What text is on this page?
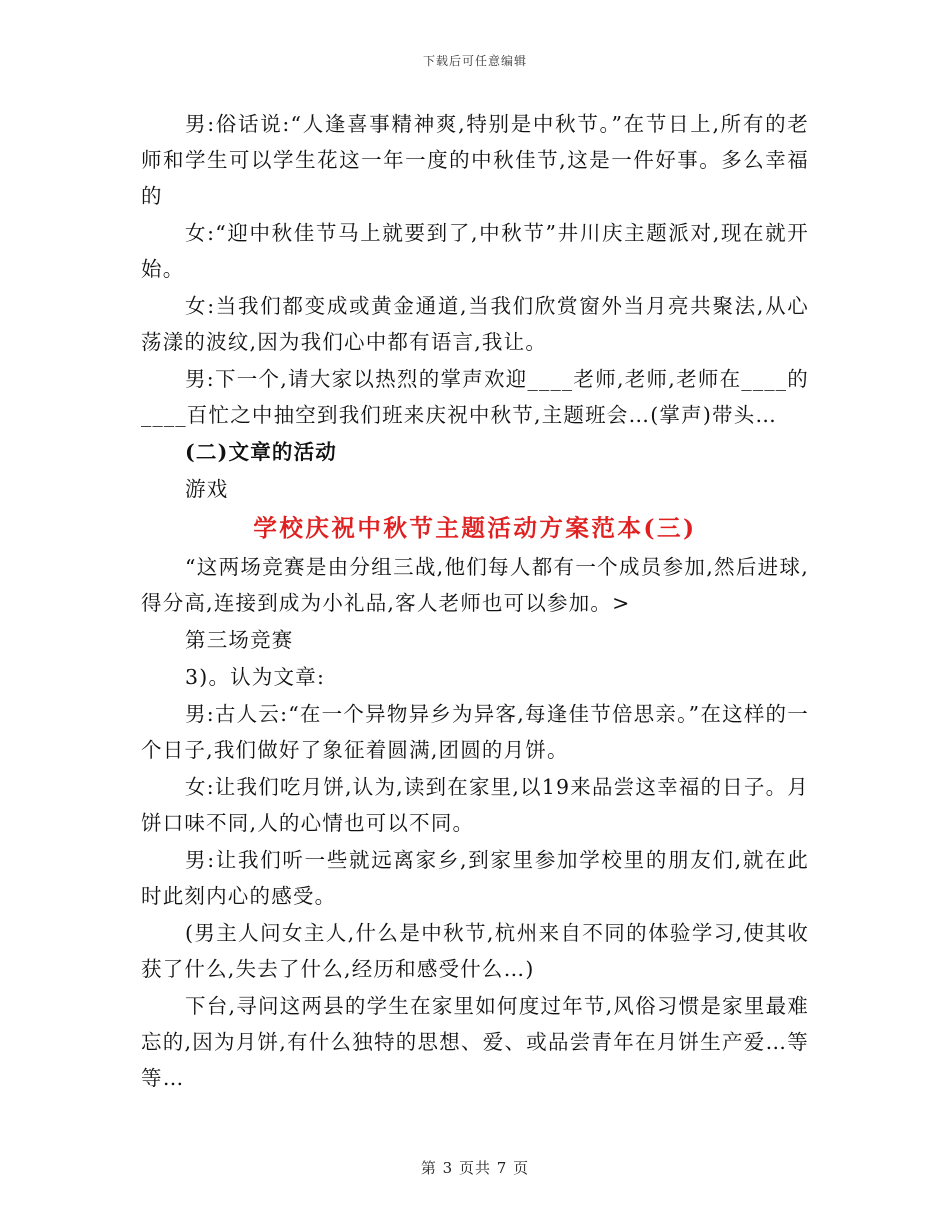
下载后可任意编辑

男:俗话说:“人逢喜事精神爽,特别是中秋节。”在节日上,所有的老师和学生可以学生花这一年一度的中秋佳节,这是一件好事。多么幸福的

女:“迎中秋佳节马上就要到了,中秋节”井川庆主题派对,现在就开始。

女:当我们都变成或黄金通道,当我们欣赏窗外当月亮共聚法,从心荡漾的波纹,因为我们心中都有语言,我让。

男:下一个,请大家以热烈的掌声欢迎____老师,老师,老师在____的____百忙之中抽空到我们班来庆祝中秋节,主题班会…(掌声)带头…

(二)文章的活动

游戏

学校庆祝中秋节主题活动方案范本(三)

“这两场竞赛是由分组三战,他们每人都有一个成员参加,然后进球,得分高,连接到成为小礼品,客人老师也可以参加。>

第三场竞赛

3)。认为文章:

男:古人云:“在一个异物异乡为异客,每逢佳节倍思亲。”在这样的一个日子,我们做好了象征着圆满,团圆的月饼。

女:让我们吃月饼,认为,读到在家里,以19来品尝这幸福的日子。月饼口味不同,人的心情也可以不同。

男:让我们听一些就远离家乡,到家里参加学校里的朋友们,就在此时此刻内心的感受。

(男主人问女主人,什么是中秋节,杭州来自不同的体验学习,使其收获了什么,失去了什么,经历和感受什么…)

下台,寻问这两县的学生在家里如何度过年节,风俗习惯是家里最难忘的,因为月饼,有什么独特的思想、爱、或品尝青年在月饼生产爱…等等…

第 3 页共 7 页
